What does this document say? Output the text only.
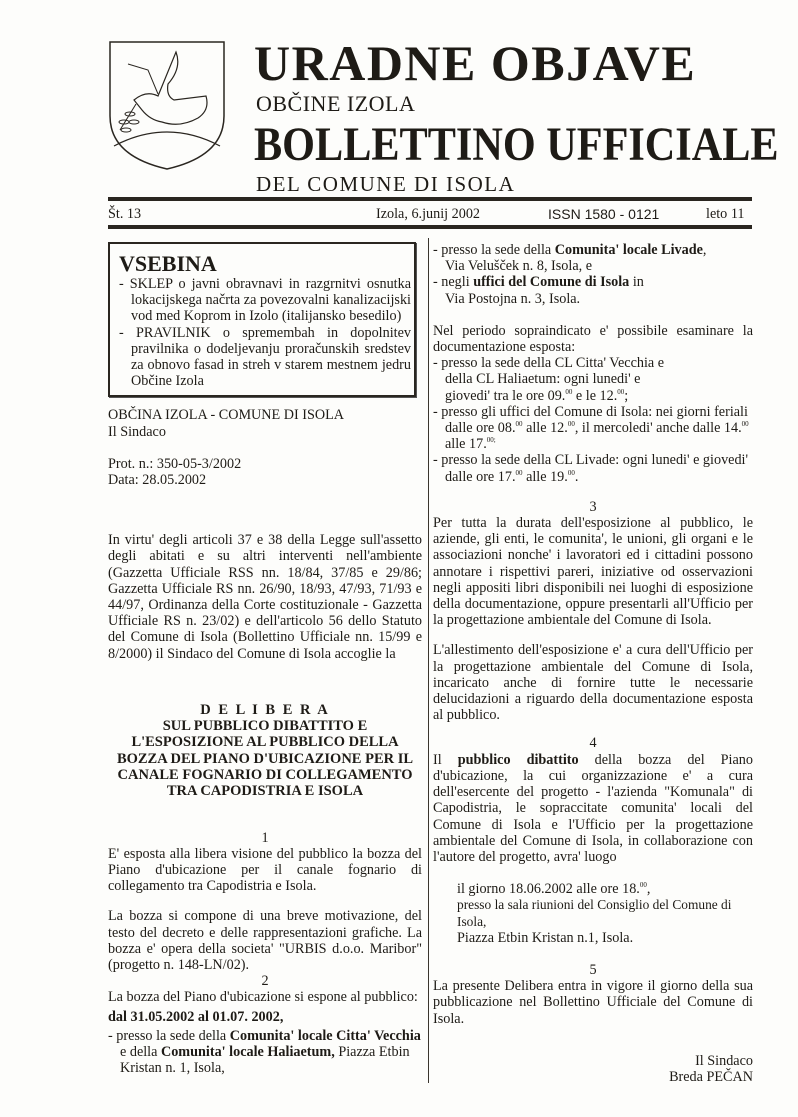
URADNE OBJAVE
OBČINE IZOLA
BOLLETTINO UFFICIALE
DEL COMUNE DI ISOLA
Št. 13	Izola, 6.junij 2002	ISSN 1580 - 0121	leto 11
VSEBINA
- SKLEP o javni obravnavi in razgrnitvi osnutka lokacijskega načrta za povezovalni kanalizacijski vod med Koprom in Izolo (italijansko besedilo)
- PRAVILNIK o spremembah in dopolnitev pravilnika o dodeljevanju proračunskih sredstev za obnovo fasad in streh v starem mestnem jedru Občine Izola
OBČINA IZOLA - COMUNE DI ISOLA
Il Sindaco
Prot. n.: 350-05-3/2002
Data: 28.05.2002
In virtu' degli articoli 37 e 38 della Legge sull'assetto degli abitati e su altri interventi nell'ambiente (Gazzetta Ufficiale RSS nn. 18/84, 37/85 e 29/86; Gazzetta Ufficiale RS nn. 26/90, 18/93, 47/93, 71/93 e 44/97, Ordinanza della Corte costituzionale - Gazzetta Ufficiale RS n. 23/02) e dell'articolo 56 dello Statuto del Comune di Isola (Bollettino Ufficiale nn. 15/99 e 8/2000) il Sindaco del Comune di Isola accoglie la
D E L I B E R A
SUL PUBBLICO DIBATTITO E L'ESPOSIZIONE AL PUBBLICO DELLA BOZZA DEL PIANO D'UBICAZIONE PER IL CANALE FOGNARIO DI COLLEGAMENTO TRA CAPODISTRIA E ISOLA
1
E' esposta alla libera visione del pubblico la bozza del Piano d'ubicazione per il canale fognario di collegamento tra Capodistria e Isola.
La bozza si compone di una breve motivazione, del testo del decreto e delle rappresentazioni grafiche. La bozza e' opera della societa' "URBIS d.o.o. Maribor" (progetto n. 148-LN/02).
2
La bozza del Piano d'ubicazione si espone al pubblico:
dal 31.05.2002 al 01.07. 2002,
- presso la sede della Comunita' locale Citta' Vecchia e della Comunita' locale Haliaetum, Piazza Etbin Kristan n. 1, Isola,
- presso la sede della Comunita' locale Livade, Via Velušček n. 8, Isola, e
- negli uffici del Comune di Isola in Via Postojna n. 3, Isola.
Nel periodo sopraindicato e' possibile esaminare la documentazione esposta:
- presso la sede della CL Citta' Vecchia e della CL Haliaetum: ogni lunedi' e giovedi' tra le ore 09.00 e le 12.00;
- presso gli uffici del Comune di Isola: nei giorni feriali dalle ore 08.00 alle 12.00, il mercoledi' anche dalle 14.00 alle 17.$^{00;}$
- presso la sede della CL Livade: ogni lunedi' e giovedi' dalle ore 17.00 alle 19.00.
3
Per tutta la durata dell'esposizione al pubblico, le aziende, gli enti, le comunita', le unioni, gli organi e le associazioni nonche' i lavoratori ed i cittadini possono annotare i rispettivi pareri, iniziative od osservazioni negli appositi libri disponibili nei luoghi di esposizione della documentazione, oppure presentarli all'Ufficio per la progettazione ambientale del Comune di Isola.
L'allestimento dell'esposizione e' a cura dell'Ufficio per la progettazione ambientale del Comune di Isola, incaricato anche di fornire tutte le necessarie delucidazioni a riguardo della documentazione esposta al pubblico.
4
Il pubblico dibattito della bozza del Piano d'ubicazione, la cui organizzazione e' a cura dell'esercente del progetto - l'azienda "Komunala" di Capodistria, le sopraccitate comunita' locali del Comune di Isola e l'Ufficio per la progettazione ambientale del Comune di Isola, in collaborazione con l'autore del progetto, avra' luogo
il giorno 18.06.2002 alle ore 18.00,
presso la sala riunioni del Consiglio del Comune di Isola,
Piazza Etbin Kristan n.1, Isola.
5
La presente Delibera entra in vigore il giorno della sua pubblicazione nel Bollettino Ufficiale del Comune di Isola.
Il Sindaco
Breda PEČAN
